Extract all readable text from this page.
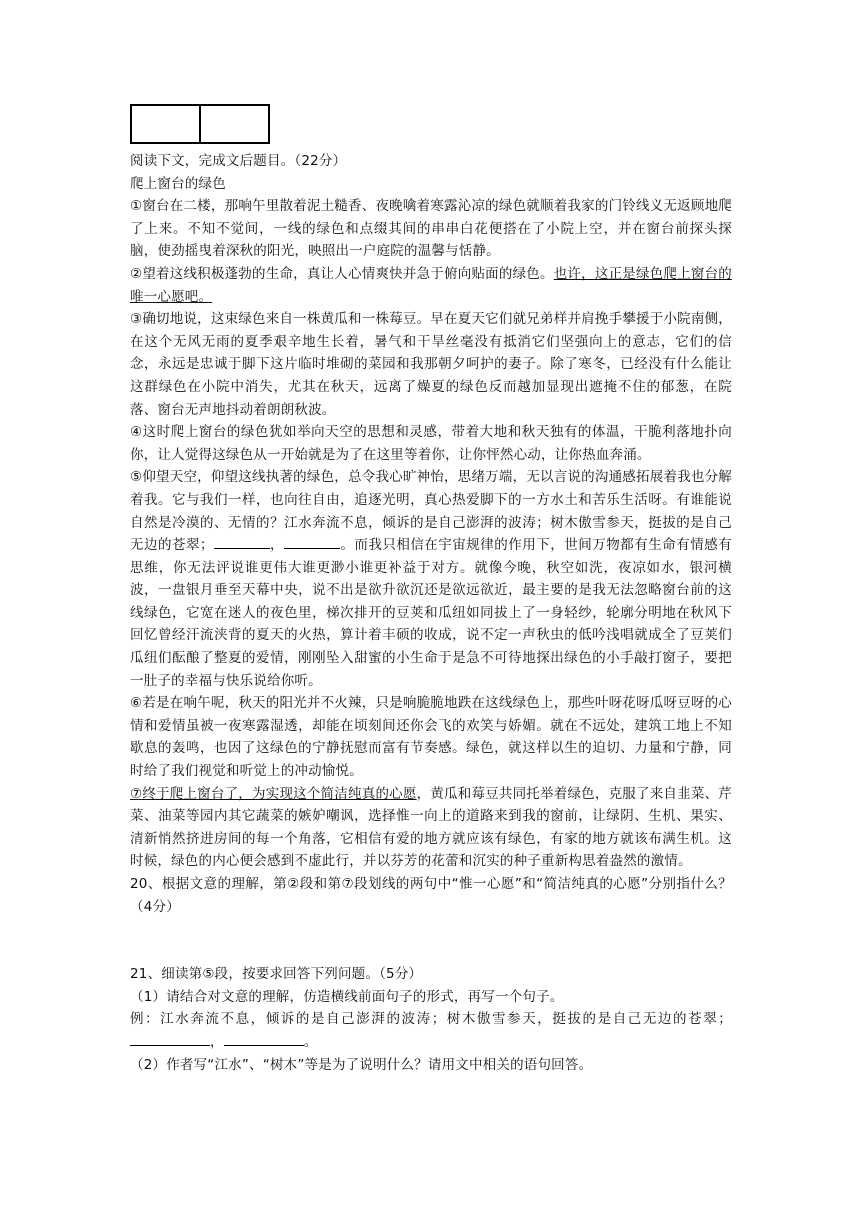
阅读下文，完成文后题目。（22分）

爬上窗台的绿色

①窗台在二楼，那响午里散着泥土糙香、夜晚噙着寒露沁凉的绿色就顺着我家的门铃线义无返顾地爬了上来。不知不觉间，一线的绿色和点缀其间的串串白花便搭在了小院上空，并在窗台前探头探脑，使劲摇曳着深秋的阳光，映照出一户庭院的温馨与恬静。

②望着这线积极蓬勃的生命，真让人心情爽快并急于俯向贴面的绿色。也许，这正是绿色爬上窗台的唯一心愿吧。

③确切地说，这束绿色来自一株黄瓜和一株莓豆。早在夏天它们就兄弟样并肩挽手攀援于小院南侧，在这个无风无雨的夏季艰辛地生长着，暑气和干旱丝毫没有抵消它们坚强向上的意志，它们的信念，永远是忠诚于脚下这片临时堆砌的菜园和我那朝夕呵护的妻子。除了寒冬，已经没有什么能让这群绿色在小院中消失，尤其在秋天，远离了燥夏的绿色反而越加显现出遮掩不住的郁葱，在院落、窗台无声地抖动着朗朗秋波。

④这时爬上窗台的绿色犹如举向天空的思想和灵感，带着大地和秋天独有的体温，干脆利落地扑向你，让人觉得这绿色从一开始就是为了在这里等着你，让你怦然心动，让你热血奔涌。

⑤仰望天空，仰望这线执著的绿色，总令我心旷神怡，思绪万端，无以言说的沟通感拓展着我也分解着我。它与我们一样，也向往自由，追逐光明，真心热爱脚下的一方水土和苦乐生活呀。有谁能说自然是冷漠的、无情的？江水奔流不息，倾诉的是自己澎湃的波涛；树木傲雪参天，挺拔的是自己无边的苍翠；	，	。而我只相信在宇宙规律的作用下，世间万物都有生命有情感有思维，你无法评说谁更伟大谁更渺小谁更补益于对方。就像今晚，秋空如洗，夜凉如水，银河横波，一盘银月垂至天幕中央，说不出是欲升欲沉还是欲远欲近，最主要的是我无法忽略窗台前的这线绿色，它宽在迷人的夜色里，梯次排开的豆荚和瓜纽如同拔上了一身轻纱，轮廓分明地在秋风下回忆曾经汗流浃背的夏天的火热，算计着丰硕的收成，说不定一声秋虫的低吟浅唱就成全了豆荚们瓜纽们酝酿了整夏的爱情，刚刚坠入甜蜜的小生命于是急不可待地探出绿色的小手敲打窗子，要把一肚子的幸福与快乐说给你听。

⑥若是在响午呢，秋天的阳光并不火辣，只是响脆脆地跌在这线绿色上，那些叶呀花呀瓜呀豆呀的心情和爱情虽被一夜寒露湿透，却能在顷刻间还你会飞的欢笑与娇媚。就在不远处，建筑工地上不知歇息的轰鸣，也因了这绿色的宁静抚慰而富有节奏感。绿色，就这样以生的迫切、力量和宁静，同时给了我们视觉和听觉上的冲动愉悦。

⑦终于爬上窗台了，为实现这个简洁纯真的心愿，黄瓜和莓豆共同托举着绿色，克服了来自韭菜、芹菜、油菜等园内其它蔬菜的嫉妒嘲讽，选择惟一向上的道路来到我的窗前，让绿阴、生机、果实、清新悄然挤进房间的每一个角落，它相信有爱的地方就应该有绿色，有家的地方就该布满生机。这时候，绿色的内心便会感到不虚此行，并以芬芳的花蕾和沉实的种子重新构思着盎然的激情。

20、根据文意的理解，第②段和第⑦段划线的两句中“惟一心愿”和“简洁纯真的心愿”分别指什么？（4分）

21、细读第⑤段，按要求回答下列问题。（5分）

（1）请结合对文意的理解，仿造横线前面句子的形式，再写一个句子。

例：江水奔流不息，倾诉的是自己澎湃的波涛；树木傲雪参天，挺拔的是自己无边的苍翠；，	。

（2）作者写“江水”、“树木”等是为了说明什么？请用文中相关的语句回答。
